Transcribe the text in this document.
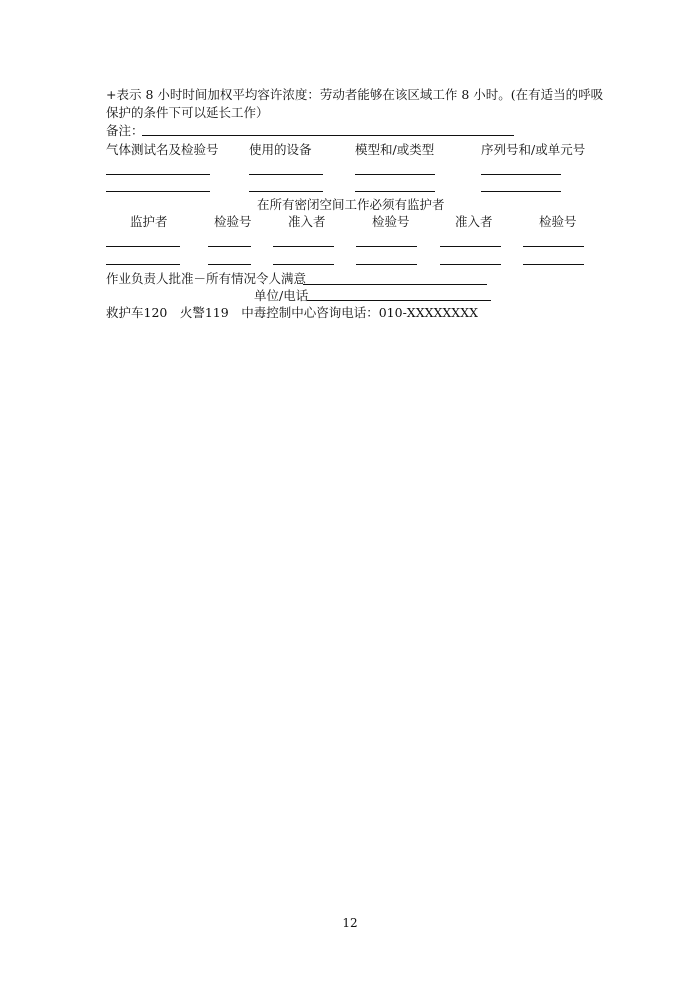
+表示 8 小时时间加权平均容许浓度：劳动者能够在该区域工作 8 小时。(在有适当的呼吸
保护的条件下可以延长工作）
备注：
气体测试名及检验号 使用的设备	模型和/或类型	序列号和/或单元号
在所有密闭空间工作必须有监护者
监护者	检验号	准入者	检验号	准入者	检验号
作业负责人批准－所有情况令人满意
单位/电话
救护车120　火警119　中毒控制中心咨询电话：010-XXXXXXXX
12
